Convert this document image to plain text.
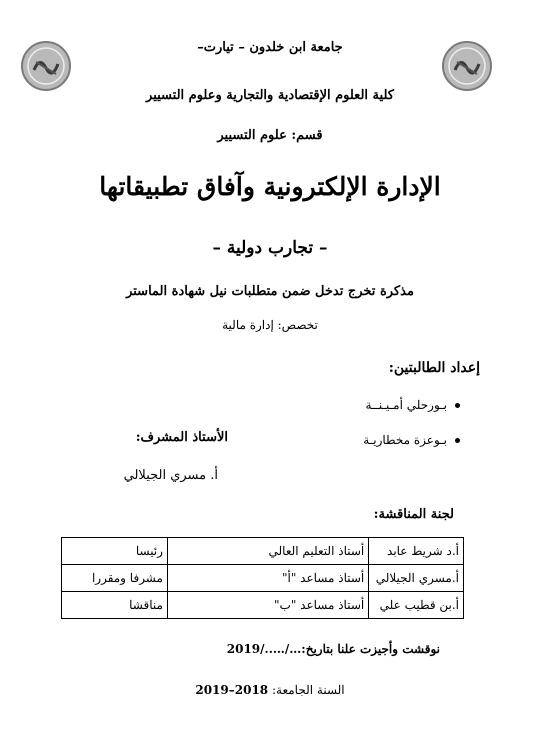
جامعة ابن خلدون – تيارت–
كلية العلوم الإقتصادية والتجارية وعلوم التسيير
قسم: علوم التسيير
الإدارة الإلكترونية وآفاق تطبيقاتها
– تجارب دولية –
مذكرة تخرج تدخل ضمن متطلبات نيل شهادة الماستر
تخصص: إدارة مالية
إعداد الطالبتين:
بـورحلي أمـيـنــة
بـوعزة مخطاريـة
الأستاذ المشرف:
أ. مسري الجيلالي
لجنة المناقشة:
أ.د شريط عابد	أستاذ التعليم العالي	رئيسا
أ.مسري الجيلالي	أستاذ مساعد "أ"	مشرفا ومقررا
أ.بن قطيب علي	أستاذ مساعد "ب"	مناقشا
نوقشت وأجيزت علنا بتاريخ:…/…../2019
السنة الجامعة: 2018–2019
